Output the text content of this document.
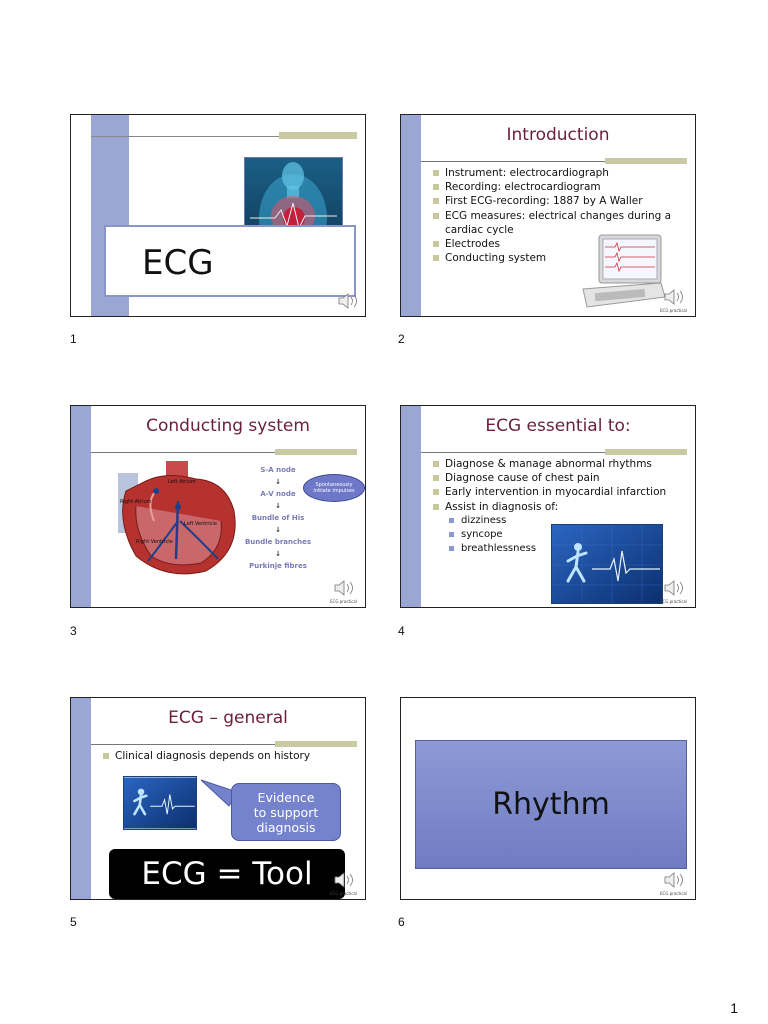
ECG
1
Introduction
Instrument: electrocardiograph
Recording: electrocardiogram
First ECG-recording: 1887 by A Waller
ECG measures: electrical changes during a cardiac cycle
Electrodes
Conducting system
ECG practical
2
Conducting system
Right Atrium
Left Atrium
Left Ventricle
Right Ventricle
S-A node
↓
A-V node
↓
Bundle of His
↓
Bundle branches
↓
Purkinje fibres
Spontaneously initiate impulses
ECG practical
3
ECG essential to:
Diagnose & manage abnormal rhythms
Diagnose cause of chest pain
Early intervention in myocardial infarction
Assist in diagnosis of:
dizziness
syncope
breathlessness
ECG practical
4
ECG – general
Clinical diagnosis depends on history
Evidence to support diagnosis
ECG = Tool
ECG practical
5
Rhythm
ECG practical
6
1
